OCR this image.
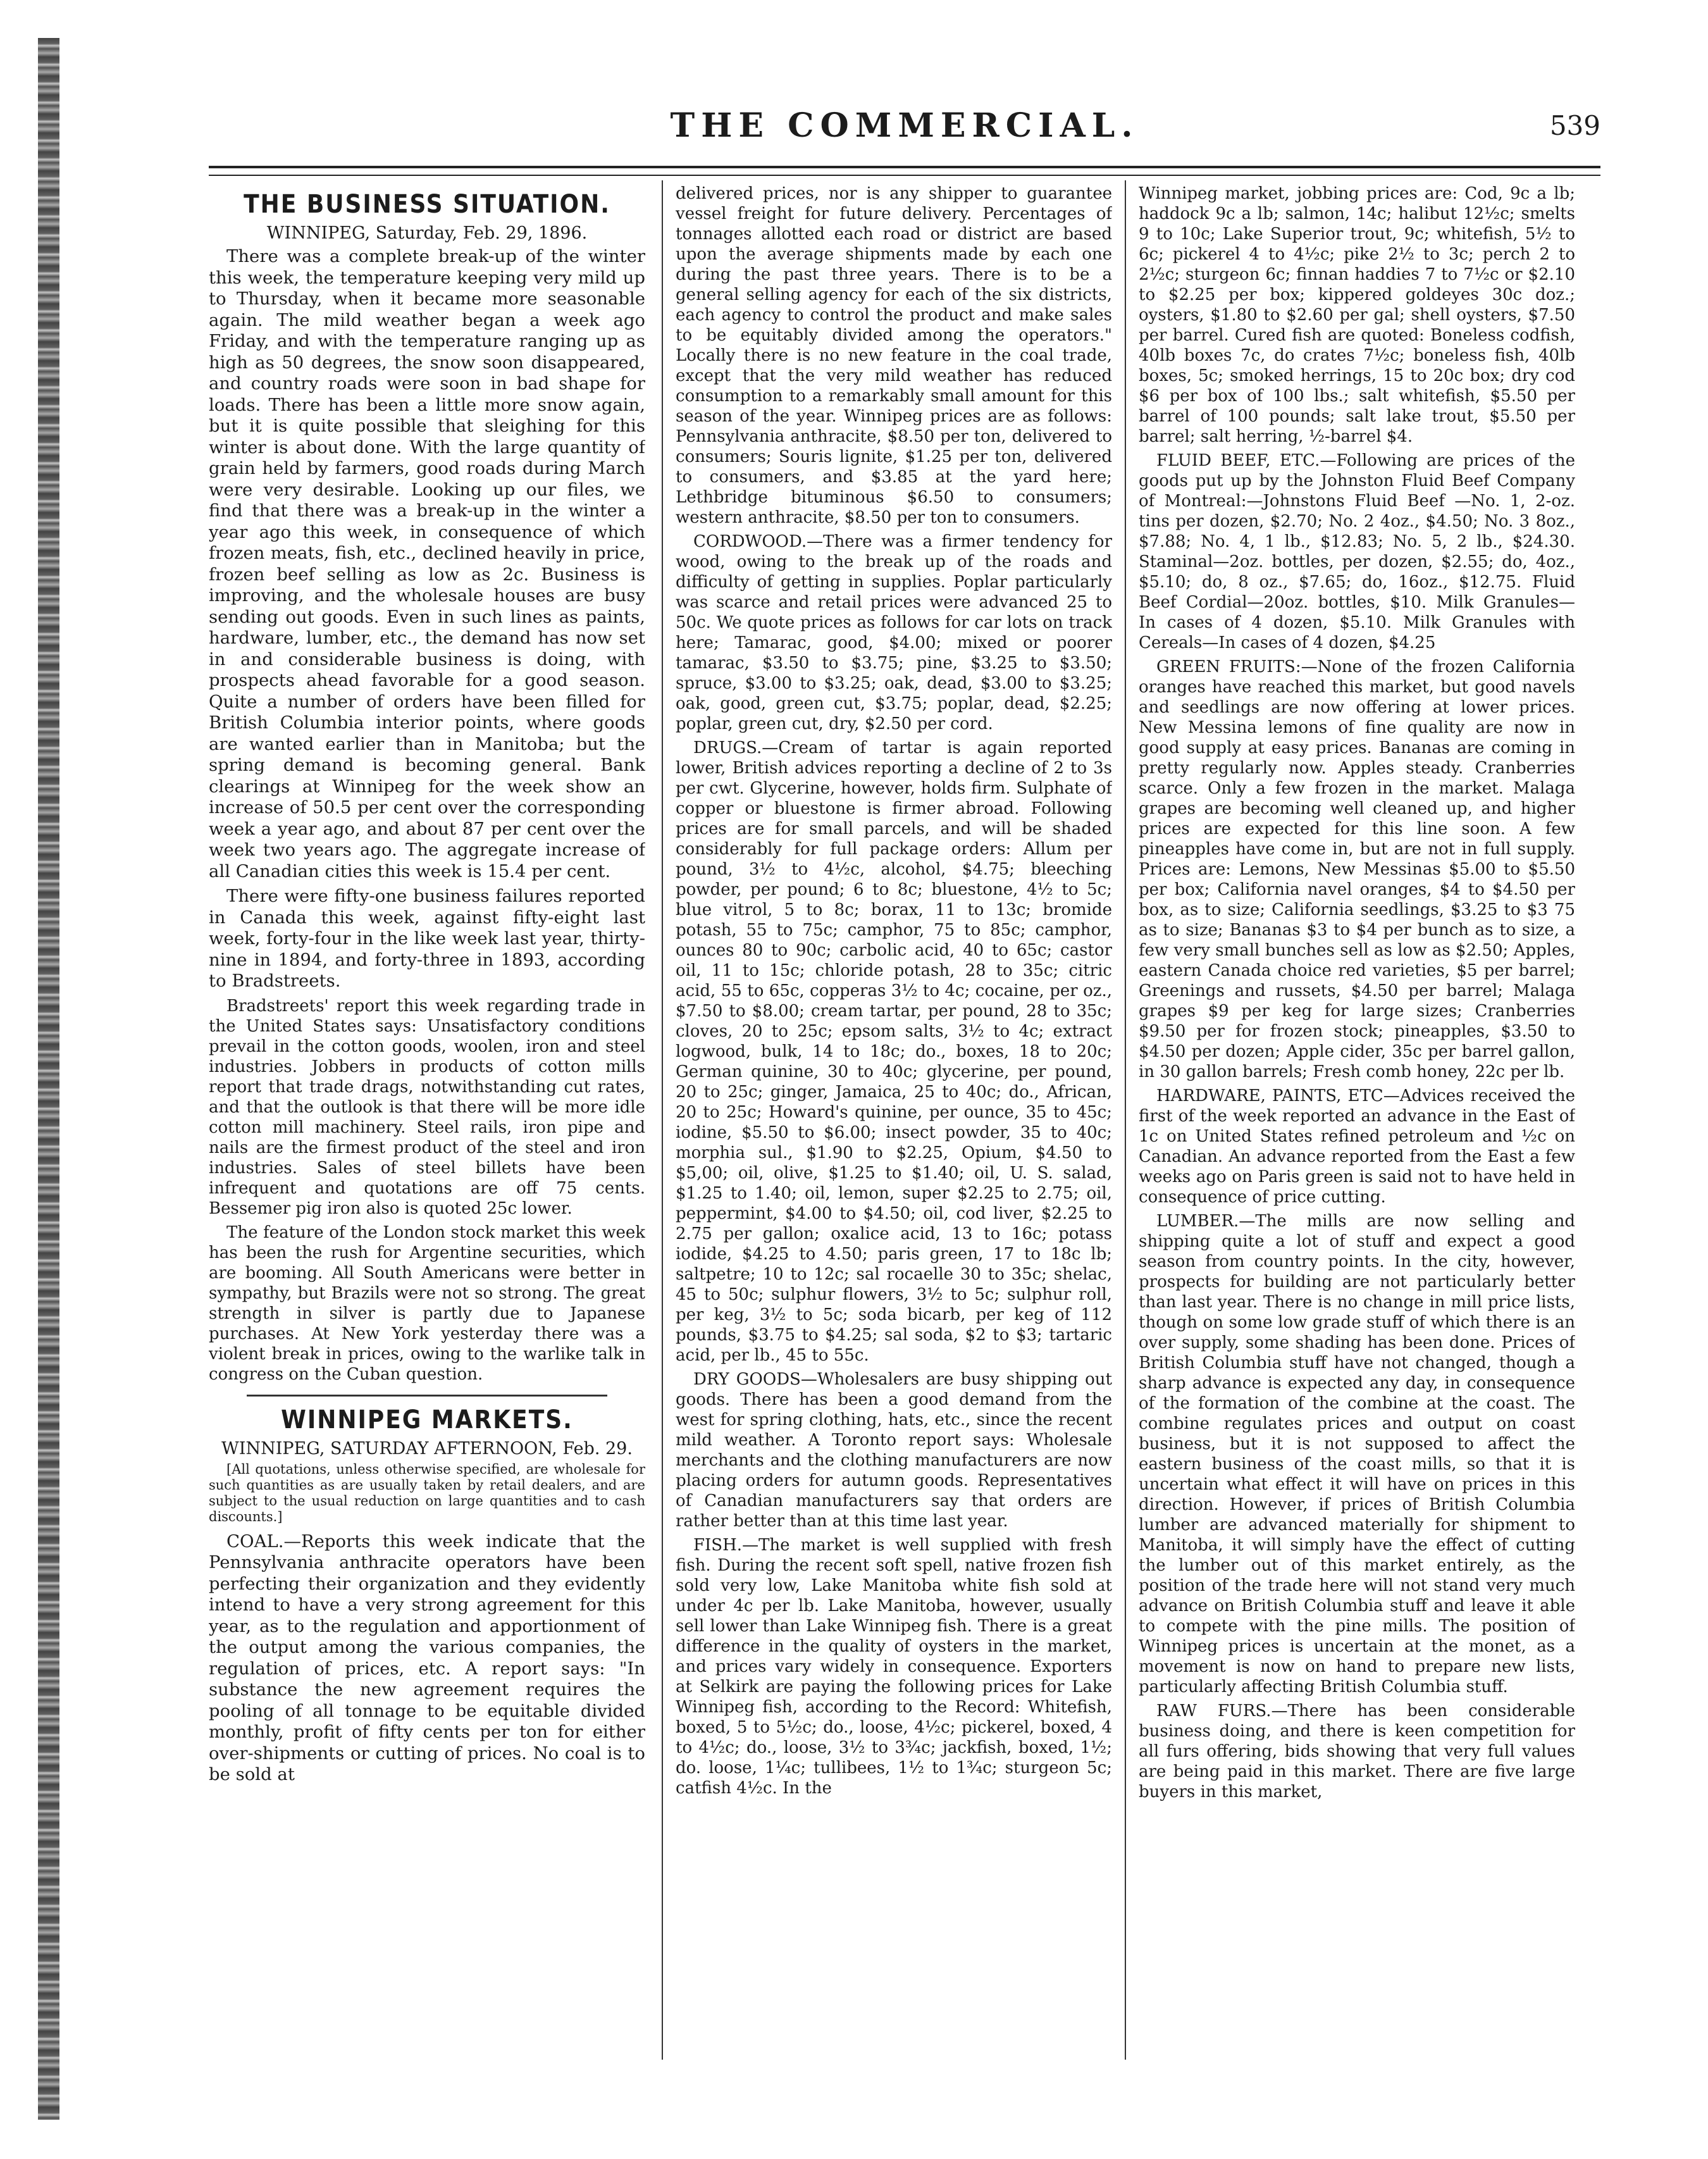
THE COMMERCIAL.	539
THE BUSINESS SITUATION.
WINNIPEG, Saturday, Feb. 29, 1896.

There was a complete break-up of the winter this week, the temperature keeping very mild up to Thursday, when it became more seasonable again. The mild weather began a week ago Friday, and with the temperature ranging up as high as 50 degrees, the snow soon disappeared, and country roads were soon in bad shape for loads. There has been a little more snow again, but it is quite possible that sleighing for this winter is about done. With the large quantity of grain held by farmers, good roads during March were very desirable. Looking up our files, we find that there was a break-up in the winter a year ago this week, in consequence of which frozen meats, fish, etc., declined heavily in price, frozen beef selling as low as 2c. Business is improving, and the wholesale houses are busy sending out goods. Even in such lines as paints, hardware, lumber, etc., the demand has now set in and considerable business is doing, with prospects ahead favorable for a good season. Quite a number of orders have been filled for British Columbia interior points, where goods are wanted earlier than in Manitoba; but the spring demand is becoming general. Bank clearings at Winnipeg for the week show an increase of 50.5 per cent over the corresponding week a year ago, and about 87 per cent over the week two years ago. The aggregate increase of all Canadian cities this week is 15.4 per cent.

There were fifty-one business failures reported in Canada this week, against fifty-eight last week, forty-four in the like week last year, thirty-nine in 1894, and forty-three in 1893, according to Bradstreets.

Bradstreets' report this week regarding trade in the United States says: Unsatisfactory conditions prevail in the cotton goods, woolen, iron and steel industries. Jobbers in products of cotton mills report that trade drags, notwithstanding cut rates, and that the outlook is that there will be more idle cotton mill machinery. Steel rails, iron pipe and nails are the firmest product of the steel and iron industries. Sales of steel billets have been infrequent and quotations are off 75 cents. Bessemer pig iron also is quoted 25c lower.

The feature of the London stock market this week has been the rush for Argentine securities, which are booming. All South Americans were better in sympathy, but Brazils were not so strong. The great strength in silver is partly due to Japanese purchases. At New York yesterday there was a violent break in prices, owing to the warlike talk in congress on the Cuban question.

WINNIPEG MARKETS.
WINNIPEG, SATURDAY AFTERNOON, Feb. 29.
[All quotations, unless otherwise specified, are wholesale for such quantities as are usually taken by retail dealers, and are subject to the usual reduction on large quantities and to cash discounts.]

COAL.—Reports this week indicate that the Pennsylvania anthracite operators have been perfecting their organization and they evidently intend to have a very strong agreement for this year, as to the regulation and apportionment of the output among the various companies, the regulation of prices, etc. A report says: "In substance the new agreement requires the pooling of all tonnage to be equitable divided monthly, profit of fifty cents per ton for either over-shipments or cutting of prices. No coal is to be sold at

delivered prices, nor is any shipper to guarantee vessel freight for future delivery. Percentages of tonnages allotted each road or district are based upon the average shipments made by each one during the past three years. There is to be a general selling agency for each of the six districts, each agency to control the product and make sales to be equitably divided among the operators." Locally there is no new feature in the coal trade, except that the very mild weather has reduced consumption to a remarkably small amount for this season of the year. Winnipeg prices are as follows: Pennsylvania anthracite, $8.50 per ton, delivered to consumers; Souris lignite, $1.25 per ton, delivered to consumers, and $3.85 at the yard here; Lethbridge bituminous $6.50 to consumers; western anthracite, $8.50 per ton to consumers.

CORDWOOD.—There was a firmer tendency for wood, owing to the break up of the roads and difficulty of getting in supplies. Poplar particularly was scarce and retail prices were advanced 25 to 50c. We quote prices as follows for car lots on track here; Tamarac, good, $4.00; mixed or poorer tamarac, $3.50 to $3.75; pine, $3.25 to $3.50; spruce, $3.00 to $3.25; oak, dead, $3.00 to $3.25; oak, good, green cut, $3.75; poplar, dead, $2.25; poplar, green cut, dry, $2.50 per cord.

DRUGS.—Cream of tartar is again reported lower, British advices reporting a decline of 2 to 3s per cwt. Glycerine, however, holds firm. Sulphate of copper or bluestone is firmer abroad. Following prices are for small parcels, and will be shaded considerably for full package orders: Allum per pound, 3½ to 4½c, alcohol, $4.75; bleeching powder, per pound; 6 to 8c; bluestone, 4½ to 5c; blue vitrol, 5 to 8c; borax, 11 to 13c; bromide potash, 55 to 75c; camphor, 75 to 85c; camphor, ounces 80 to 90c; carbolic acid, 40 to 65c; castor oil, 11 to 15c; chloride potash, 28 to 35c; citric acid, 55 to 65c, copperas 3½ to 4c; cocaine, per oz., $7.50 to $8.00; cream tartar, per pound, 28 to 35c; cloves, 20 to 25c; epsom salts, 3½ to 4c; extract logwood, bulk, 14 to 18c; do., boxes, 18 to 20c; German quinine, 30 to 40c; glycerine, per pound, 20 to 25c; ginger, Jamaica, 25 to 40c; do., African, 20 to 25c; Howard's quinine, per ounce, 35 to 45c; iodine, $5.50 to $6.00; insect powder, 35 to 40c; morphia sul., $1.90 to $2.25, Opium, $4.50 to $5,00; oil, olive, $1.25 to $1.40; oil, U. S. salad, $1.25 to 1.40; oil, lemon, super $2.25 to 2.75; oil, peppermint, $4.00 to $4.50; oil, cod liver, $2.25 to 2.75 per gallon; oxalice acid, 13 to 16c; potass iodide, $4.25 to 4.50; paris green, 17 to 18c lb; saltpetre; 10 to 12c; sal rocaelle 30 to 35c; shelac, 45 to 50c; sulphur flowers, 3½ to 5c; sulphur roll, per keg, 3½ to 5c; soda bicarb, per keg of 112 pounds, $3.75 to $4.25; sal soda, $2 to $3; tartaric acid, per lb., 45 to 55c.

DRY GOODS—Wholesalers are busy shipping out goods. There has been a good demand from the west for spring clothing, hats, etc., since the recent mild weather. A Toronto report says: Wholesale merchants and the clothing manufacturers are now placing orders for autumn goods. Representatives of Canadian manufacturers say that orders are rather better than at this time last year.

FISH.—The market is well supplied with fresh fish. During the recent soft spell, native frozen fish sold very low, Lake Manitoba white fish sold at under 4c per lb. Lake Manitoba, however, usually sell lower than Lake Winnipeg fish. There is a great difference in the quality of oysters in the market, and prices vary widely in consequence. Exporters at Selkirk are paying the following prices for Lake Winnipeg fish, according to the Record: Whitefish, boxed, 5 to 5½c; do., loose, 4½c; pickerel, boxed, 4 to 4½c; do., loose, 3½ to 3¾c; jackfish, boxed, 1½; do. loose, 1¼c; tullibees, 1½ to 1¾c; sturgeon 5c; catfish 4½c. In the

Winnipeg market, jobbing prices are: Cod, 9c a lb; haddock 9c a lb; salmon, 14c; halibut 12½c; smelts 9 to 10c; Lake Superior trout, 9c; whitefish, 5½ to 6c; pickerel 4 to 4½c; pike 2½ to 3c; perch 2 to 2½c; sturgeon 6c; finnan haddies 7 to 7½c or $2.10 to $2.25 per box; kippered goldeyes 30c doz.; oysters, $1.80 to $2.60 per gal; shell oysters, $7.50 per barrel. Cured fish are quoted: Boneless codfish, 40lb boxes 7c, do crates 7½c; boneless fish, 40lb boxes, 5c; smoked herrings, 15 to 20c box; dry cod $6 per box of 100 lbs.; salt whitefish, $5.50 per barrel of 100 pounds; salt lake trout, $5.50 per barrel; salt herring, ½-barrel $4.

FLUID BEEF, ETC.—Following are prices of the goods put up by the Johnston Fluid Beef Company of Montreal:—Johnstons Fluid Beef —No. 1, 2-oz. tins per dozen, $2.70; No. 2 4oz., $4.50; No. 3 8oz., $7.88; No. 4, 1 lb., $12.83; No. 5, 2 lb., $24.30. Staminal—2oz. bottles, per dozen, $2.55; do, 4oz., $5.10; do, 8 oz., $7.65; do, 16oz., $12.75. Fluid Beef Cordial—20oz. bottles, $10. Milk Granules— In cases of 4 dozen, $5.10. Milk Granules with Cereals—In cases of 4 dozen, $4.25

GREEN FRUITS:—None of the frozen California oranges have reached this market, but good navels and seedlings are now offering at lower prices. New Messina lemons of fine quality are now in good supply at easy prices. Bananas are coming in pretty regularly now. Apples steady. Cranberries scarce. Only a few frozen in the market. Malaga grapes are becoming well cleaned up, and higher prices are expected for this line soon. A few pineapples have come in, but are not in full supply. Prices are: Lemons, New Messinas $5.00 to $5.50 per box; California navel oranges, $4 to $4.50 per box, as to size; California seedlings, $3.25 to $3 75 as to size; Bananas $3 to $4 per bunch as to size, a few very small bunches sell as low as $2.50; Apples, eastern Canada choice red varieties, $5 per barrel; Greenings and russets, $4.50 per barrel; Malaga grapes $9 per keg for large sizes; Cranberries $9.50 per for frozen stock; pineapples, $3.50 to $4.50 per dozen; Apple cider, 35c per barrel gallon, in 30 gallon barrels; Fresh comb honey, 22c per lb.

HARDWARE, PAINTS, ETC—Advices received the first of the week reported an advance in the East of 1c on United States refined petroleum and ½c on Canadian. An advance reported from the East a few weeks ago on Paris green is said not to have held in consequence of price cutting.

LUMBER.—The mills are now selling and shipping quite a lot of stuff and expect a good season from country points. In the city, however, prospects for building are not particularly better than last year. There is no change in mill price lists, though on some low grade stuff of which there is an over supply, some shading has been done. Prices of British Columbia stuff have not changed, though a sharp advance is expected any day, in consequence of the formation of the combine at the coast. The combine regulates prices and output on coast business, but it is not supposed to affect the eastern business of the coast mills, so that it is uncertain what effect it will have on prices in this direction. However, if prices of British Columbia lumber are advanced materially for shipment to Manitoba, it will simply have the effect of cutting the lumber out of this market entirely, as the position of the trade here will not stand very much advance on British Columbia stuff and leave it able to compete with the pine mills. The position of Winnipeg prices is uncertain at the monet, as a movement is now on hand to prepare new lists, particularly affecting British Columbia stuff.

RAW FURS.—There has been considerable business doing, and there is keen competition for all furs offering, bids showing that very full values are being paid in this market. There are five large buyers in this market,
